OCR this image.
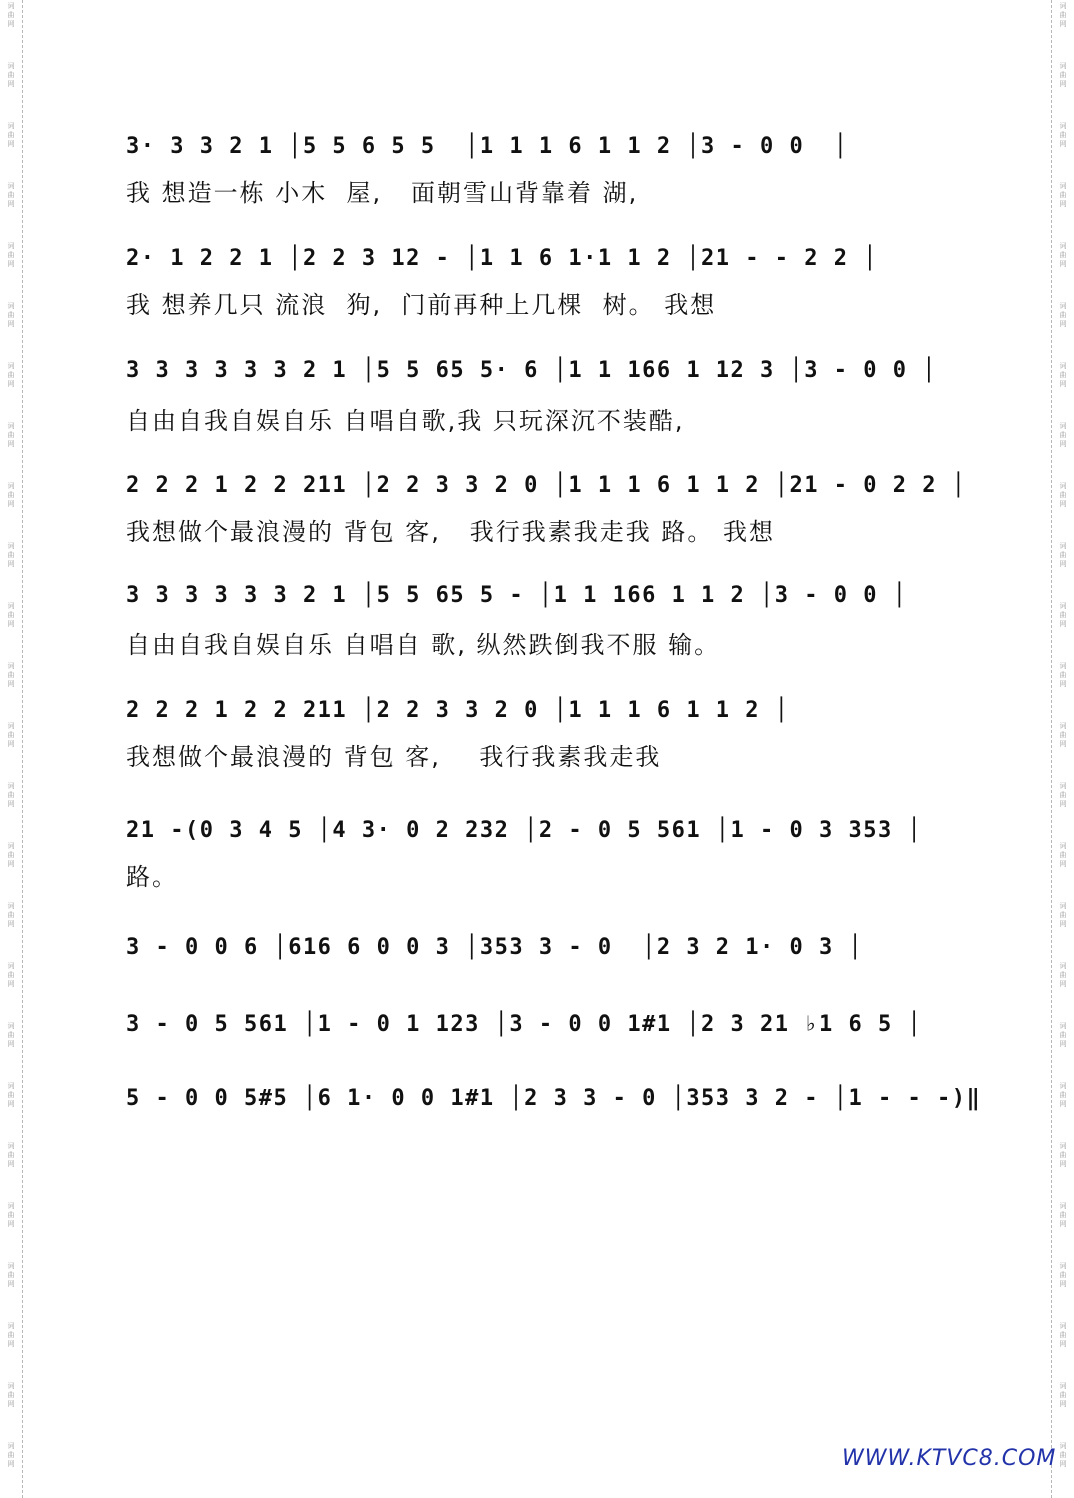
词
曲
网
词
曲
网
词
曲
网
词
曲
网
词
曲
网
词
曲
网
词
曲
网
词
曲
网
词
曲
网
词
曲
网
词
曲
网
词
曲
网
词
曲
网
词
曲
网
词
曲
网
词
曲
网
词
曲
网
词
曲
网
词
曲
网
词
曲
网
词
曲
网
词
曲
网
词
曲
网
词
曲
网
词
曲
网
词
曲
网
词
曲
网
词
曲
网
词
曲
网
词
曲
网
词
曲
网
词
曲
网
词
曲
网
词
曲
网
词
曲
网
词
曲
网
词
曲
网
词
曲
网
词
曲
网
词
曲
网
词
曲
网
词
曲
网
词
曲
网
词
曲
网
词
曲
网
词
曲
网
词
曲
网
词
曲
网
词
曲
网
词
曲
网
3· 3 3 2 1 │5 5 6 5 5  │1 1 1 6 1 1 2 │3 - 0 0  │
我 想造一栋 小木  屋,   面朝雪山背靠着 湖,
2· 1 2 2 1 │2 2 3 12 - │1 1 6 1·1 1 2 │21 - - 2 2 │
我 想养几只 流浪  狗,  门前再种上几棵  树。 我想
3 3 3 3 3 3 2 1 │5 5 65 5· 6 │1 1 166 1 12 3 │3 - 0 0 │
自由自我自娱自乐 自唱自歌,我 只玩深沉不装酷,
2 2 2 1 2 2 211 │2 2 3 3 2 0 │1 1 1 6 1 1 2 │21 - 0 2 2 │
我想做个最浪漫的 背包 客,   我行我素我走我 路。 我想
3 3 3 3 3 3 2 1 │5 5 65 5 - │1 1 166 1 1 2 │3 - 0 0 │
自由自我自娱自乐 自唱自 歌, 纵然跌倒我不服 输。
2 2 2 1 2 2 211 │2 2 3 3 2 0 │1 1 1 6 1 1 2 │
我想做个最浪漫的 背包 客,    我行我素我走我
21 -(0 3 4 5 │4 3· 0 2 232 │2 - 0 5 561 │1 - 0 3 353 │
路。
3 - 0 0 6 │616 6 0 0 3 │353 3 - 0  │2 3 2 1· 0 3 │
3 - 0 5 561 │1 - 0 1 123 │3 - 0 0 1#1 │2 3 21 ♭1 6 5 │
5 - 0 0 5#5 │6 1· 0 0 1#1 │2 3 3 - 0 │353 3 2 - │1 - - -)‖
WWW.KTVC8.COM
